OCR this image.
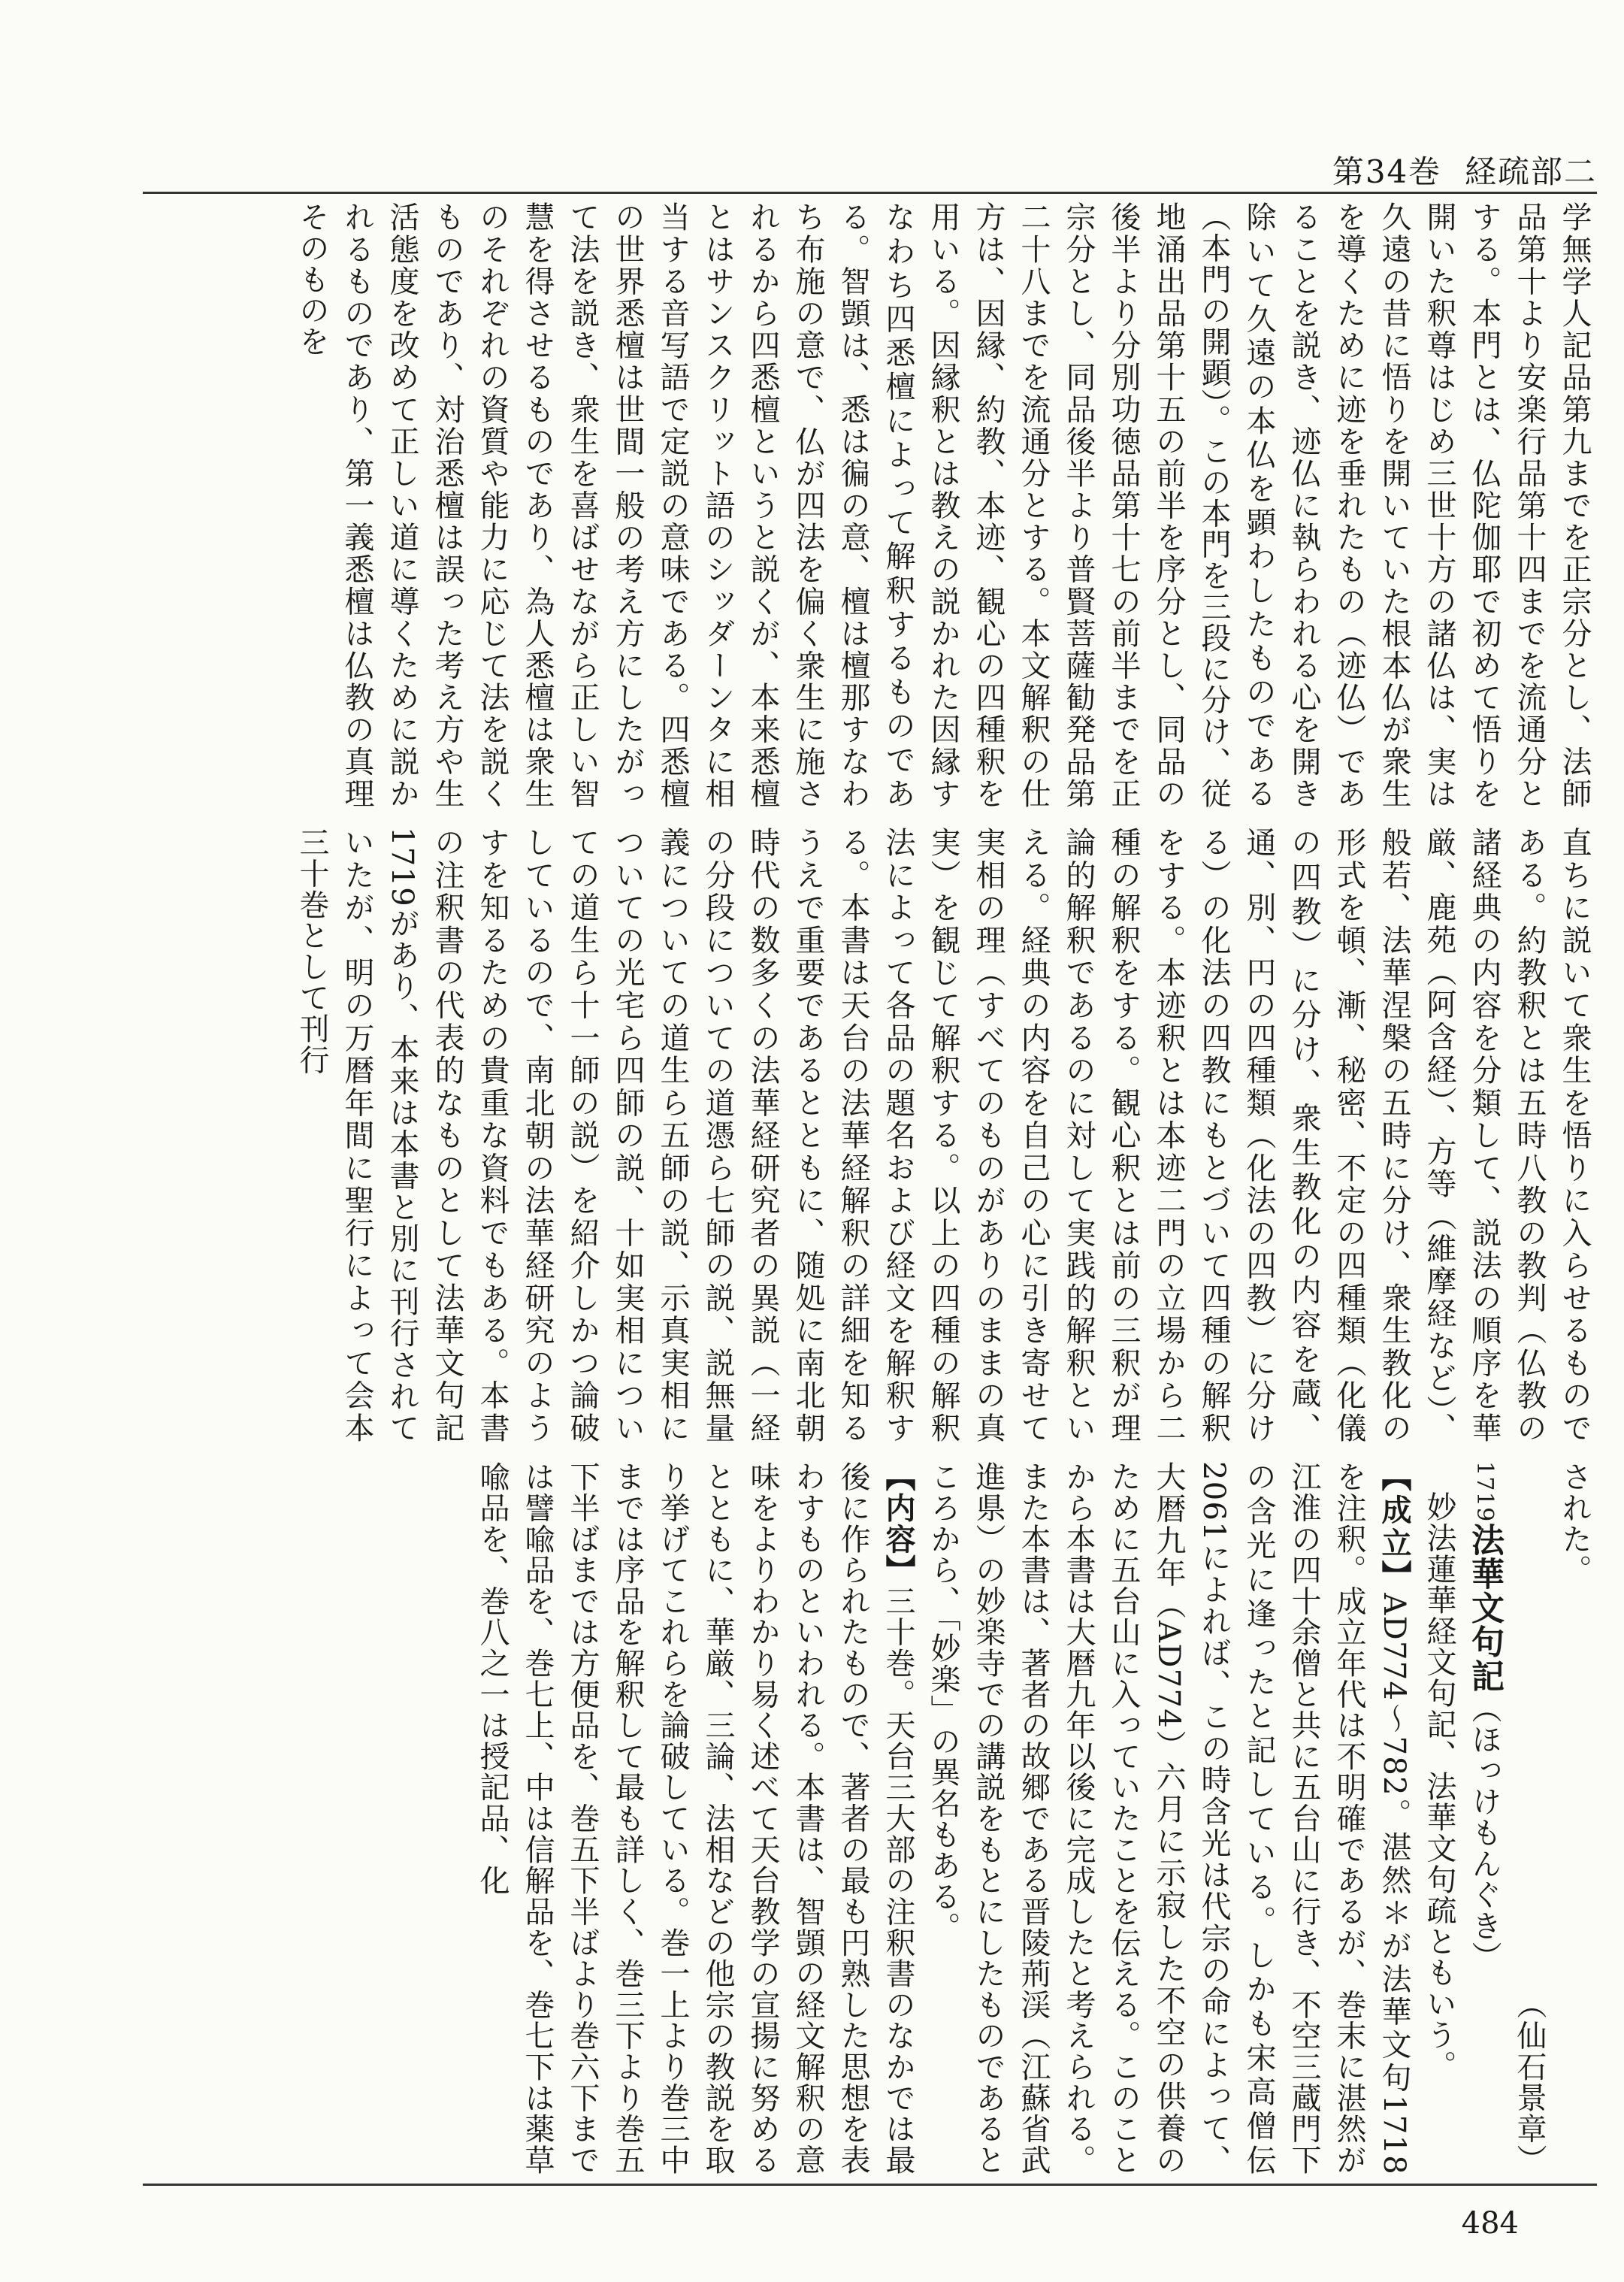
第34巻 経疏部二

学無学人記品第九までを正宗分とし、法師品第十より安楽行品第十四までを流通分とする。本門とは、仏陀伽耶で初めて悟りを開いた釈尊はじめ三世十方の諸仏は、実は久遠の昔に悟りを開いていた根本仏が衆生を導くために迹を垂れたもの（迹仏）であることを説き、迹仏に執らわれる心を開き除いて久遠の本仏を顕わしたものである（本門の開顕）。この本門を三段に分け、従地涌出品第十五の前半を序分とし、同品の後半より分別功徳品第十七の前半までを正宗分とし、同品後半より普賢菩薩勧発品第二十八までを流通分とする。本文解釈の仕方は、因縁、約教、本迹、観心の四種釈を用いる。因縁釈とは教えの説かれた因縁すなわち四悉檀によって解釈するものである。智顗は、悉は徧の意、檀は檀那すなわち布施の意で、仏が四法を偏く衆生に施されるから四悉檀というと説くが、本来悉檀とはサンスクリット語のシッダーンタに相当する音写語で定説の意味である。四悉檀の世界悉檀は世間一般の考え方にしたがって法を説き、衆生を喜ばせながら正しい智慧を得させるものであり、為人悉檀は衆生のそれぞれの資質や能力に応じて法を説くものであり、対治悉檀は誤った考え方や生活態度を改めて正しい道に導くために説かれるものであり、第一義悉檀は仏教の真理そのものを

直ちに説いて衆生を悟りに入らせるものである。約教釈とは五時八教の教判（仏教の諸経典の内容を分類して、説法の順序を華厳、鹿苑（阿含経）、方等（維摩経など）、般若、法華涅槃の五時に分け、衆生教化の形式を頓、漸、秘密、不定の四種類（化儀の四教）に分け、衆生教化の内容を蔵、通、別、円の四種類（化法の四教）に分ける）の化法の四教にもとづいて四種の解釈をする。本迹釈とは本迹二門の立場から二種の解釈をする。観心釈とは前の三釈が理論的解釈であるのに対して実践的解釈といえる。経典の内容を自己の心に引き寄せて実相の理（すべてのものがありのままの真実）を観じて解釈する。以上の四種の解釈法によって各品の題名および経文を解釈する。本書は天台の法華経解釈の詳細を知るうえで重要であるとともに、随処に南北朝時代の数多くの法華経研究者の異説（一経の分段についての道憑ら七師の説、説無量義についての道生ら五師の説、示真実相についての光宅ら四師の説、十如実相についての道生ら十一師の説）を紹介しかつ論破しているので、南北朝の法華経研究のようすを知るための貴重な資料でもある。本書の注釈書の代表的なものとして法華文句記1719があり、本来は本書と別に刊行されていたが、明の万暦年間に聖行によって会本三十巻として刊行

された。

（仙石景章）

1719法華文句記（ほっけもんぐき）

妙法蓮華経文句記、法華文句疏ともいう。

【成立】AD774〜782。湛然＊が法華文句1718を注釈。成立年代は不明確であるが、巻末に湛然が江淮の四十余僧と共に五台山に行き、不空三蔵門下の含光に逢ったと記している。しかも宋高僧伝2061によれば、この時含光は代宗の命によって、大暦九年（AD774）六月に示寂した不空の供養のために五台山に入っていたことを伝える。このことから本書は大暦九年以後に完成したと考えられる。また本書は、著者の故郷である晋陵荊渓（江蘇省武進県）の妙楽寺での講説をもとにしたものであるところから、「妙楽」の異名もある。

【内容】三十巻。天台三大部の注釈書のなかでは最後に作られたもので、著者の最も円熟した思想を表わすものといわれる。本書は、智顗の経文解釈の意味をよりわかり易く述べて天台教学の宣揚に努めるとともに、華厳、三論、法相などの他宗の教説を取り挙げてこれらを論破している。巻一上より巻三中までは序品を解釈して最も詳しく、巻三下より巻五下半ばまでは方便品を、巻五下半ばより巻六下までは譬喩品を、巻七上、中は信解品を、巻七下は薬草喩品を、巻八之一は授記品、化

484
